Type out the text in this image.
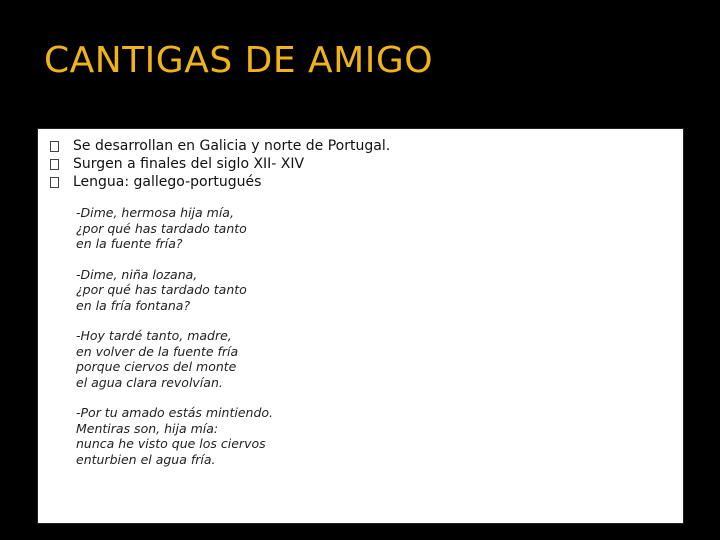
CANTIGAS DE AMIGO
Se desarrollan en Galicia y norte de Portugal.
Surgen a finales del siglo XII- XIV
Lengua: gallego-portugués
-Dime, hermosa hija mía,
¿por qué has tardado tanto
en la fuente fría?
-Dime, niña lozana,
¿por qué has tardado tanto
en la fría fontana?
-Hoy tardé tanto, madre,
en volver de la fuente fría
porque ciervos del monte
el agua clara revolvían.
-Por tu amado estás mintiendo.
Mentiras son, hija mía:
nunca he visto que los ciervos
enturbien el agua fría.
